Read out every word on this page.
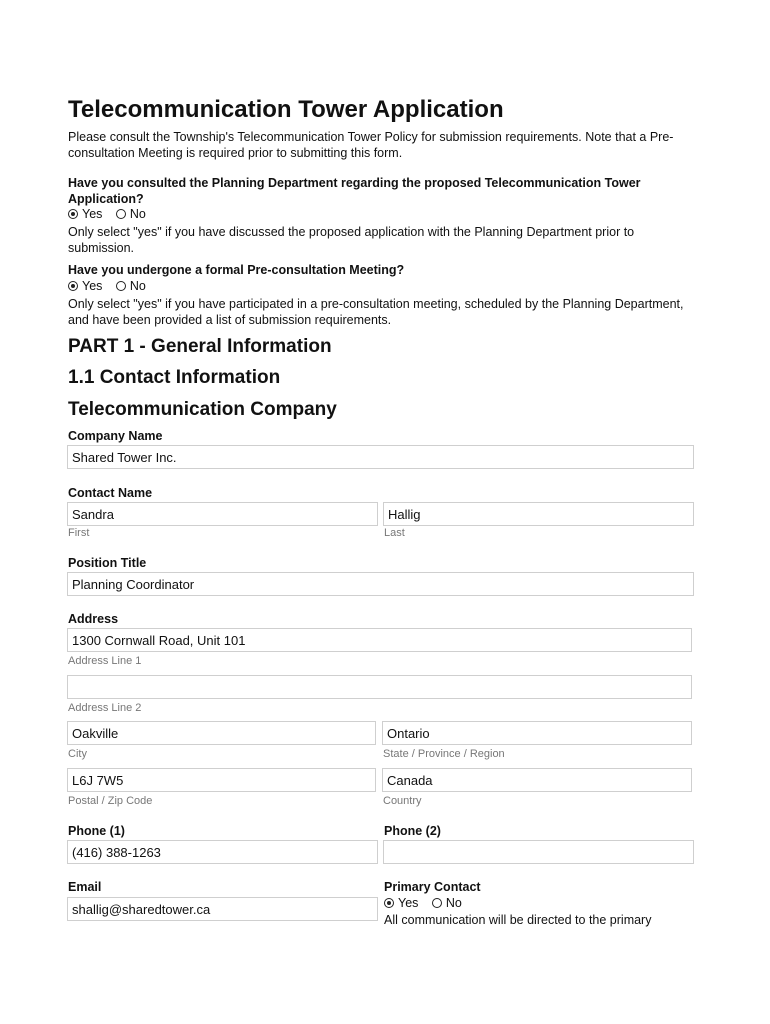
Telecommunication Tower Application
Please consult the Township's Telecommunication Tower Policy for submission requirements. Note that a Pre-consultation Meeting is required prior to submitting this form.
Have you consulted the Planning Department regarding the proposed Telecommunication Tower Application?
Yes No
Only select "yes" if you have discussed the proposed application with the Planning Department prior to submission.
Have you undergone a formal Pre-consultation Meeting?
Yes No
Only select "yes" if you have participated in a pre-consultation meeting, scheduled by the Planning Department, and have been provided a list of submission requirements.
PART 1 - General Information
1.1 Contact Information
Telecommunication Company
Company Name
Shared Tower Inc.
Contact Name
Sandra	Hallig
First	Last
Position Title
Planning Coordinator
Address
1300 Cornwall Road, Unit 101
Address Line 1
Address Line 2
Oakville	Ontario
City	State / Province / Region
L6J 7W5	Canada
Postal / Zip Code	Country
Phone (1)	Phone (2)
(416) 388-1263
Email
shallig@sharedtower.ca
Primary Contact
Yes No
All communication will be directed to the primary
